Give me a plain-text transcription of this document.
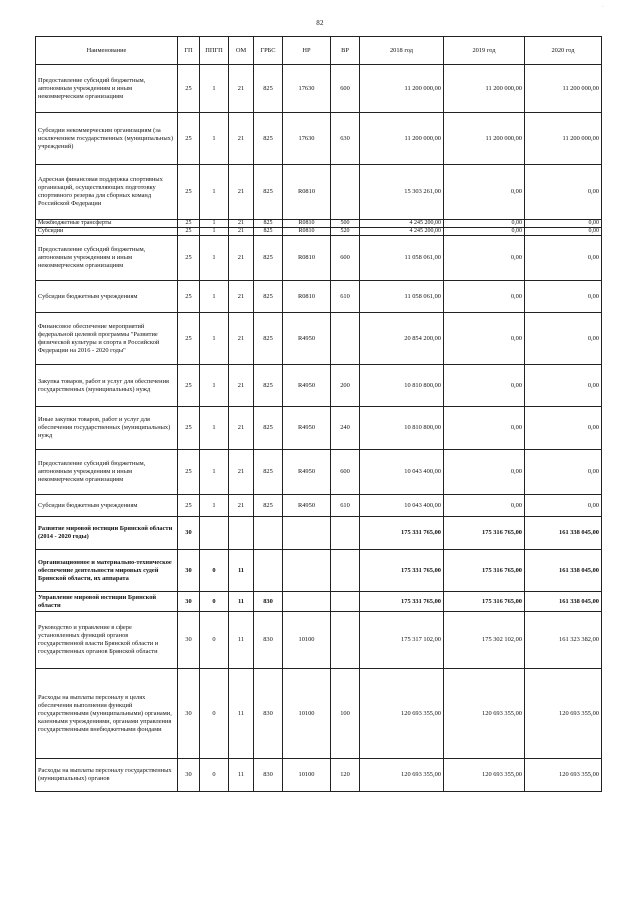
82
Наименование	ГП	ППГП	ОМ	ГРБС	НР	ВР	2018 год	2019 год	2020 год
Предоставление субсидий бюджетным, автономным учреждениям и иным некоммерческим организациям	25	1	21	825	17630	600	11 200 000,00	11 200 000,00	11 200 000,00
Субсидии некоммерческим организациям (за исключением государственных (муниципальных) учреждений)	25	1	21	825	17630	630	11 200 000,00	11 200 000,00	11 200 000,00
Адресная финансовая поддержка спортивных организаций, осуществляющих подготовку спортивного резерва для сборных команд Российской Федерации	25	1	21	825	R0810		15 303 261,00	0,00	0,00
Межбюджетные трансферты	25	1	21	825	R0810	500	4 245 200,00	0,00	0,00
Субсидии	25	1	21	825	R0810	520	4 245 200,00	0,00	0,00
Предоставление субсидий бюджетным, автономным учреждениям и иным некоммерческим организациям	25	1	21	825	R0810	600	11 058 061,00	0,00	0,00
Субсидии бюджетным учреждениям	25	1	21	825	R0810	610	11 058 061,00	0,00	0,00
Финансовое обеспечение мероприятий федеральной целевой программы "Развитие физической культуры и спорта в Российской Федерации на 2016 - 2020 годы"	25	1	21	825	R4950		20 854 200,00	0,00	0,00
Закупка товаров, работ и услуг для обеспечения государственных (муниципальных) нужд	25	1	21	825	R4950	200	10 810 800,00	0,00	0,00
Иные закупки товаров, работ и услуг для обеспечения государственных (муниципальных) нужд	25	1	21	825	R4950	240	10 810 800,00	0,00	0,00
Предоставление субсидий бюджетным, автономным учреждениям и иным некоммерческим организациям	25	1	21	825	R4950	600	10 043 400,00	0,00	0,00
Субсидии бюджетным учреждениям	25	1	21	825	R4950	610	10 043 400,00	0,00	0,00
Развитие мировой юстиции Брянской области (2014 - 2020 годы)	30						175 331 765,00	175 316 765,00	161 338 045,00
Организационное и материально-техническое обеспечение деятельности мировых судей Брянской области, их аппарата	30	0	11				175 331 765,00	175 316 765,00	161 338 045,00
Управление мировой юстиции Брянской области	30	0	11	830			175 331 765,00	175 316 765,00	161 338 045,00
Руководство и управление в сфере установленных функций органов государственной власти Брянской области и государственных органов Брянской области	30	0	11	830	10100		175 317 102,00	175 302 102,00	161 323 382,00
Расходы на выплаты персоналу в целях обеспечения выполнения функций государственными (муниципальными) органами, казенными учреждениями, органами управления государственными внебюджетными фондами	30	0	11	830	10100	100	120 693 355,00	120 693 355,00	120 693 355,00
Расходы на выплаты персоналу государственных (муниципальных) органов	30	0	11	830	10100	120	120 693 355,00	120 693 355,00	120 693 355,00
·
